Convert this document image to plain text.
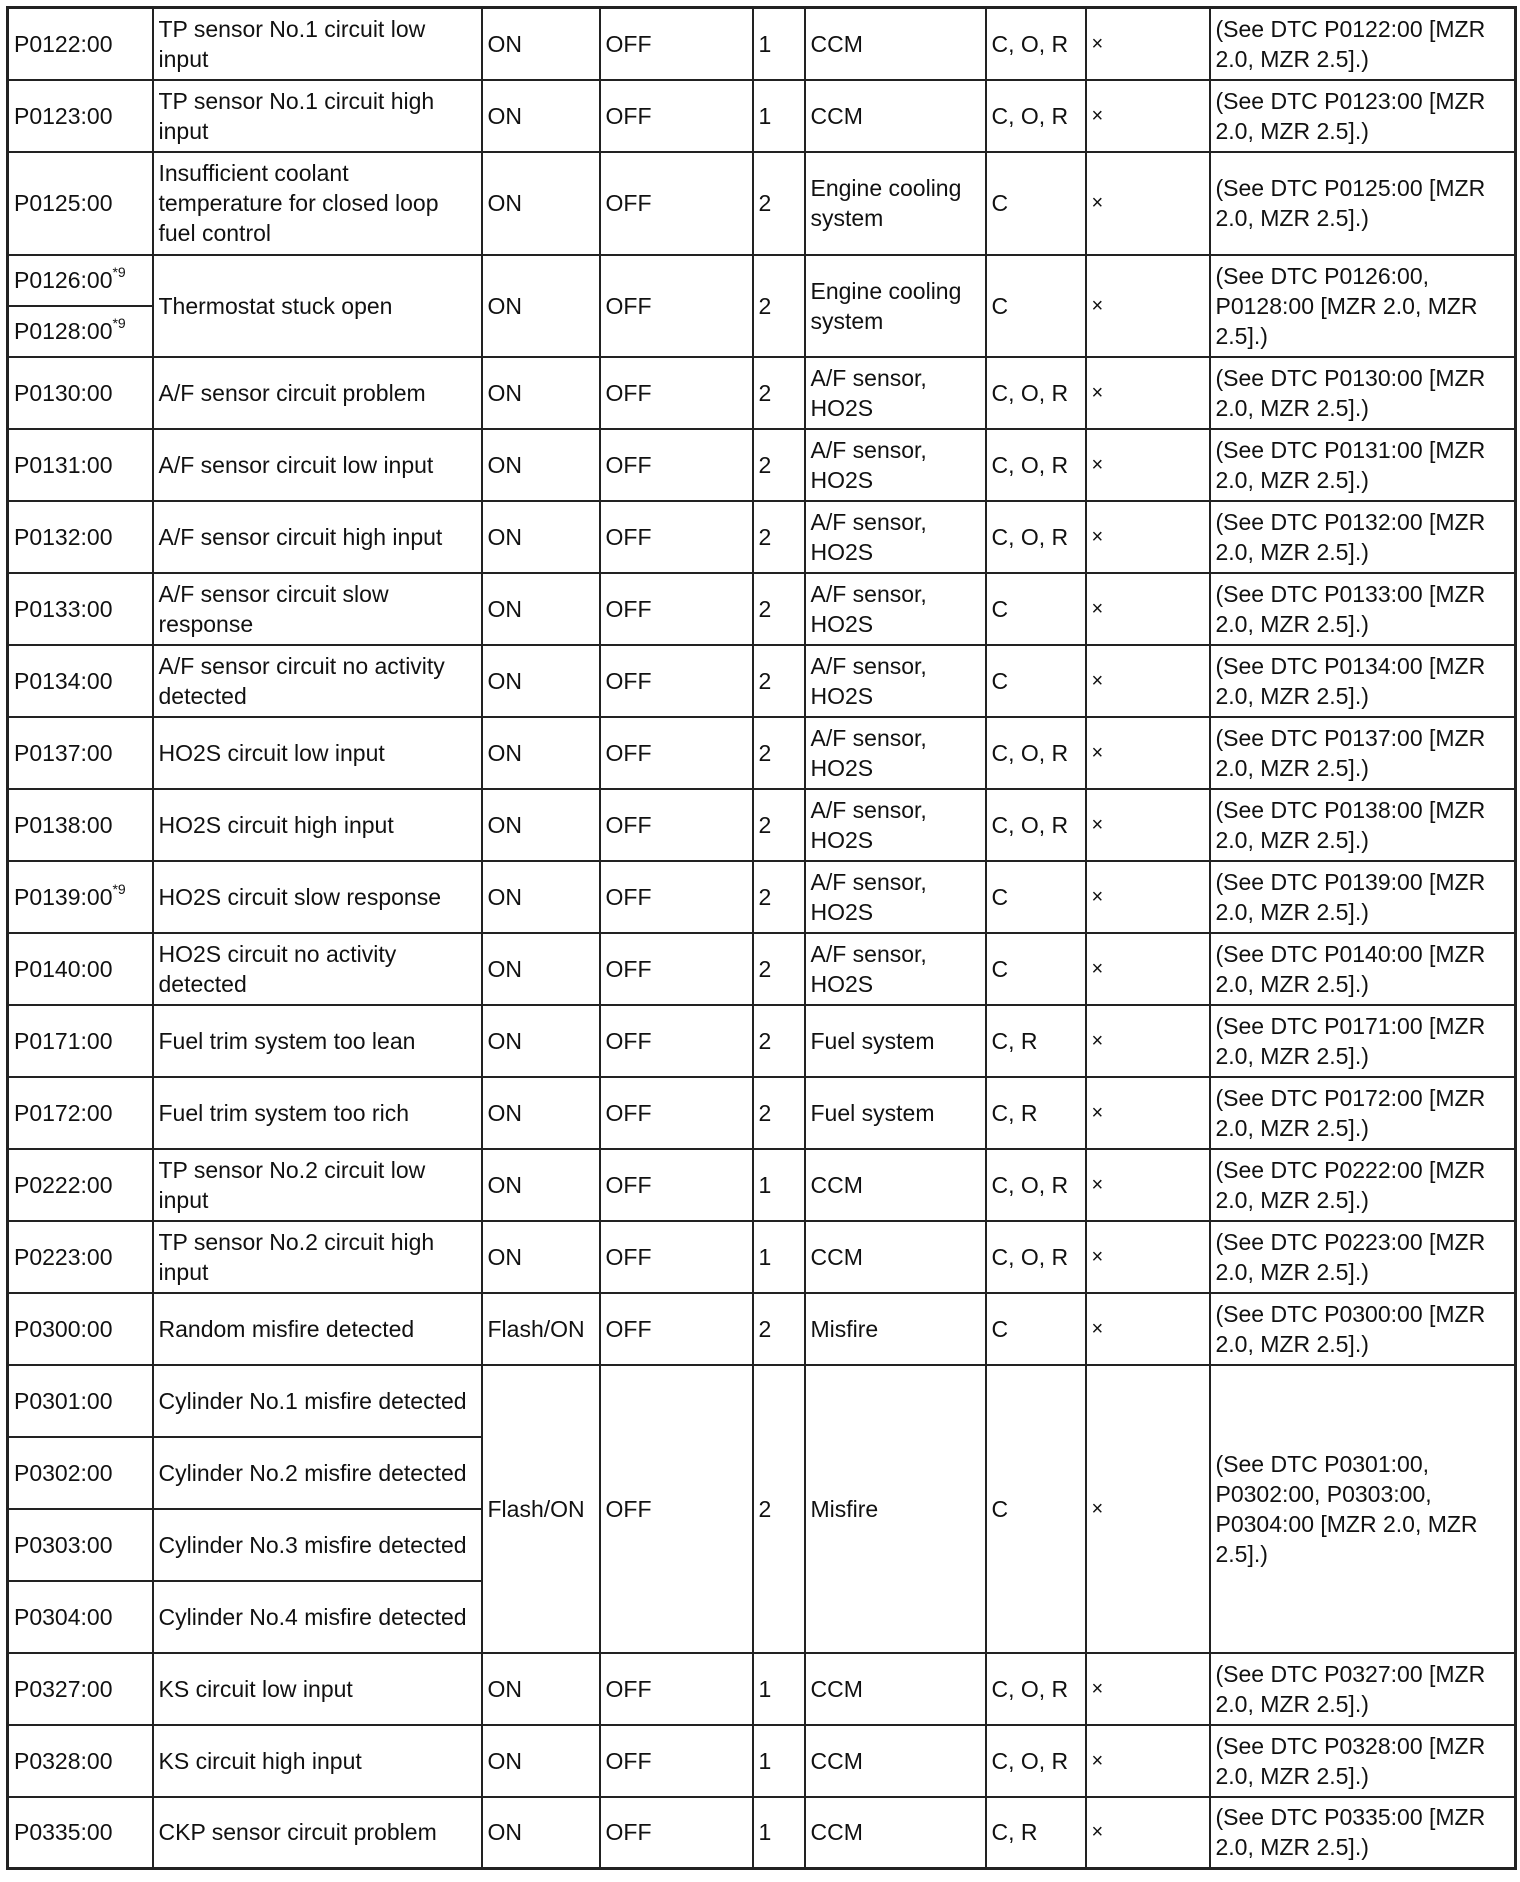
P0122:00	TP sensor No.1 circuit low input	ON	OFF	1	CCM	C, O, R	×	(See DTC P0122:00 [MZR 2.0, MZR 2.5].)
P0123:00	TP sensor No.1 circuit high input	ON	OFF	1	CCM	C, O, R	×	(See DTC P0123:00 [MZR 2.0, MZR 2.5].)
P0125:00	Insufficient coolant temperature for closed loop fuel control	ON	OFF	2	Engine cooling system	C	×	(See DTC P0125:00 [MZR 2.0, MZR 2.5].)
P0126:00$^{*9}$	Thermostat stuck open	ON	OFF	2	Engine cooling system	C	×	(See DTC P0126:00, P0128:00 [MZR 2.0, MZR 2.5].)
P0128:00$^{*9}$
P0130:00	A/F sensor circuit problem	ON	OFF	2	A/F sensor, HO2S	C, O, R	×	(See DTC P0130:00 [MZR 2.0, MZR 2.5].)
P0131:00	A/F sensor circuit low input	ON	OFF	2	A/F sensor, HO2S	C, O, R	×	(See DTC P0131:00 [MZR 2.0, MZR 2.5].)
P0132:00	A/F sensor circuit high input	ON	OFF	2	A/F sensor, HO2S	C, O, R	×	(See DTC P0132:00 [MZR 2.0, MZR 2.5].)
P0133:00	A/F sensor circuit slow response	ON	OFF	2	A/F sensor, HO2S	C	×	(See DTC P0133:00 [MZR 2.0, MZR 2.5].)
P0134:00	A/F sensor circuit no activity detected	ON	OFF	2	A/F sensor, HO2S	C	×	(See DTC P0134:00 [MZR 2.0, MZR 2.5].)
P0137:00	HO2S circuit low input	ON	OFF	2	A/F sensor, HO2S	C, O, R	×	(See DTC P0137:00 [MZR 2.0, MZR 2.5].)
P0138:00	HO2S circuit high input	ON	OFF	2	A/F sensor, HO2S	C, O, R	×	(See DTC P0138:00 [MZR 2.0, MZR 2.5].)
P0139:00$^{*9}$	HO2S circuit slow response	ON	OFF	2	A/F sensor, HO2S	C	×	(See DTC P0139:00 [MZR 2.0, MZR 2.5].)
P0140:00	HO2S circuit no activity detected	ON	OFF	2	A/F sensor, HO2S	C	×	(See DTC P0140:00 [MZR 2.0, MZR 2.5].)
P0171:00	Fuel trim system too lean	ON	OFF	2	Fuel system	C, R	×	(See DTC P0171:00 [MZR 2.0, MZR 2.5].)
P0172:00	Fuel trim system too rich	ON	OFF	2	Fuel system	C, R	×	(See DTC P0172:00 [MZR 2.0, MZR 2.5].)
P0222:00	TP sensor No.2 circuit low input	ON	OFF	1	CCM	C, O, R	×	(See DTC P0222:00 [MZR 2.0, MZR 2.5].)
P0223:00	TP sensor No.2 circuit high input	ON	OFF	1	CCM	C, O, R	×	(See DTC P0223:00 [MZR 2.0, MZR 2.5].)
P0300:00	Random misfire detected	Flash/ON	OFF	2	Misfire	C	×	(See DTC P0300:00 [MZR 2.0, MZR 2.5].)
P0301:00	Cylinder No.1 misfire detected	Flash/ON	OFF	2	Misfire	C	×	(See DTC P0301:00, P0302:00, P0303:00, P0304:00 [MZR 2.0, MZR 2.5].)
P0302:00	Cylinder No.2 misfire detected							
P0303:00	Cylinder No.3 misfire detected							
P0304:00	Cylinder No.4 misfire detected							
P0327:00	KS circuit low input	ON	OFF	1	CCM	C, O, R	×	(See DTC P0327:00 [MZR 2.0, MZR 2.5].)
P0328:00	KS circuit high input	ON	OFF	1	CCM	C, O, R	×	(See DTC P0328:00 [MZR 2.0, MZR 2.5].)
P0335:00	CKP sensor circuit problem	ON	OFF	1	CCM	C, R	×	(See DTC P0335:00 [MZR 2.0, MZR 2.5].)
